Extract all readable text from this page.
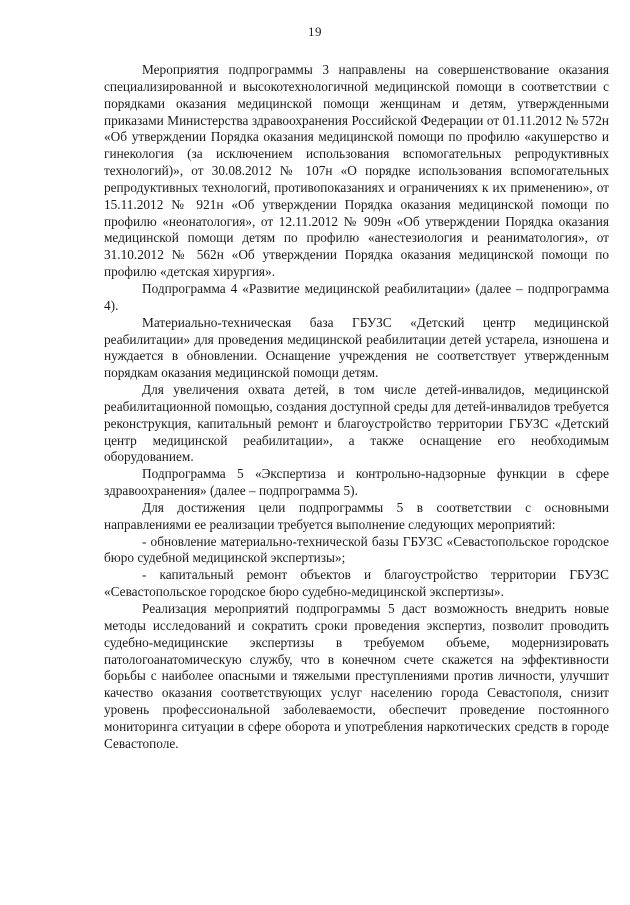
19

Мероприятия подпрограммы 3 направлены на совершенствование оказания специализированной и высокотехнологичной медицинской помощи в соответствии с порядками оказания медицинской помощи женщинам и детям, утвержденными приказами Министерства здравоохранения Российской Федерации от 01.11.2012 № 572н «Об утверждении Порядка оказания медицинской помощи по профилю «акушерство и гинекология (за исключением использования вспомогательных репродуктивных технологий)», от 30.08.2012 № 107н «О порядке использования вспомогательных репродуктивных технологий, противопоказаниях и ограничениях к их применению», от 15.11.2012 № 921н «Об утверждении Порядка оказания медицинской помощи по профилю «неонатология», от 12.11.2012 № 909н «Об утверждении Порядка оказания медицинской помощи детям по профилю «анестезиология и реаниматология», от 31.10.2012 № 562н «Об утверждении Порядка оказания медицинской помощи по профилю «детская хирургия».

Подпрограмма 4 «Развитие медицинской реабилитации» (далее – подпрограмма 4).

Материально-техническая база ГБУЗС «Детский центр медицинской реабилитации» для проведения медицинской реабилитации детей устарела, изношена и нуждается в обновлении. Оснащение учреждения не соответствует утвержденным порядкам оказания медицинской помощи детям.

Для увеличения охвата детей, в том числе детей-инвалидов, медицинской реабилитационной помощью, создания доступной среды для детей-инвалидов требуется реконструкция, капитальный ремонт и благоустройство территории ГБУЗС «Детский центр медицинской реабилитации», а также оснащение его необходимым оборудованием.

Подпрограмма 5 «Экспертиза и контрольно-надзорные функции в сфере здравоохранения» (далее – подпрограмма 5).

Для достижения цели подпрограммы 5 в соответствии с основными направлениями ее реализации требуется выполнение следующих мероприятий:

- обновление материально-технической базы ГБУЗС «Севастопольское городское бюро судебной медицинской экспертизы»;

- капитальный ремонт объектов и благоустройство территории ГБУЗС «Севастопольское городское бюро судебно-медицинской экспертизы».

Реализация мероприятий подпрограммы 5 даст возможность внедрить новые методы исследований и сократить сроки проведения экспертиз, позволит проводить судебно-медицинские экспертизы в требуемом объеме, модернизировать патологоанатомическую службу, что в конечном счете скажется на эффективности борьбы с наиболее опасными и тяжелыми преступлениями против личности, улучшит качество оказания соответствующих услуг населению города Севастополя, снизит уровень профессиональной заболеваемости, обеспечит проведение постоянного мониторинга ситуации в сфере оборота и употребления наркотических средств в городе Севастополе.
